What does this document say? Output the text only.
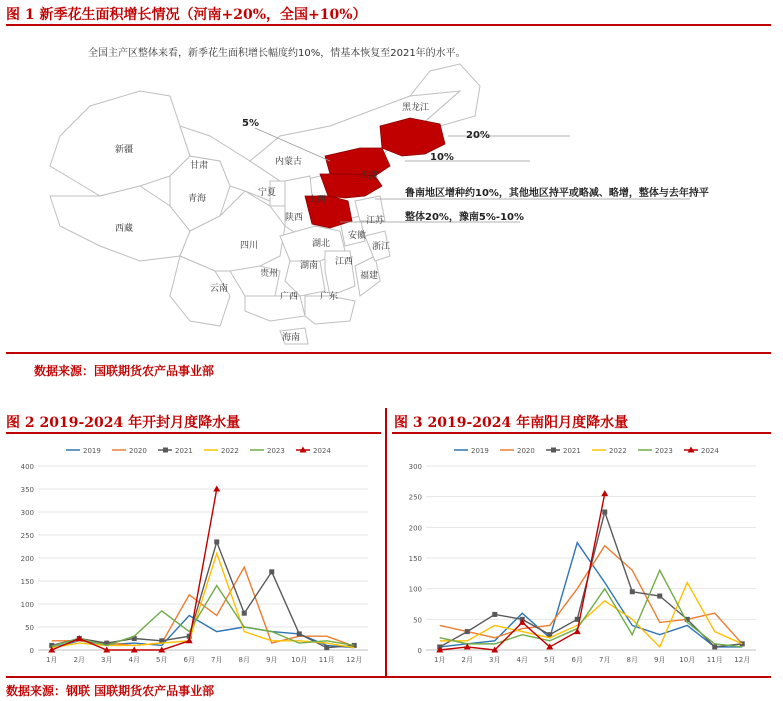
图 1 新季花生面积增长情况（河南+20%，全国+10%）
全国主产区整体来看，新季花生面积增长幅度约10%，情基本恢复至2021年的水平。
新疆
甘肃
青海
西藏
内蒙古
宁夏
山西
陕西
四川
云南
贵州
湖北
湖南 江西
广西 广东
海南
福建
浙江
安徽
江苏
天津
黑龙江
5%
20%
10%
鲁南地区增种约10%，其他地区持平或略减、略增，整体与去年持平
整体20%，豫南5%-10%
数据来源：国联期货农产品事业部
图 2 2019-2024 年开封月度降水量	图 3 2019-2024 年南阳月度降水量
0
50
100
150
200
250
300
350
400
1月 2月 3月 4月 5月 6月 7月 8月 9月 10月 11月 12月
2019	2020	2021	2022	2023	2024
0
50
100
150
200
250
300
1月 2月 3月 4月 5月 6月 7月 8月 9月 10月 11月 12月
2019	2020	2021	2022	2023	2024
数据来源：钢联 国联期货农产品事业部
